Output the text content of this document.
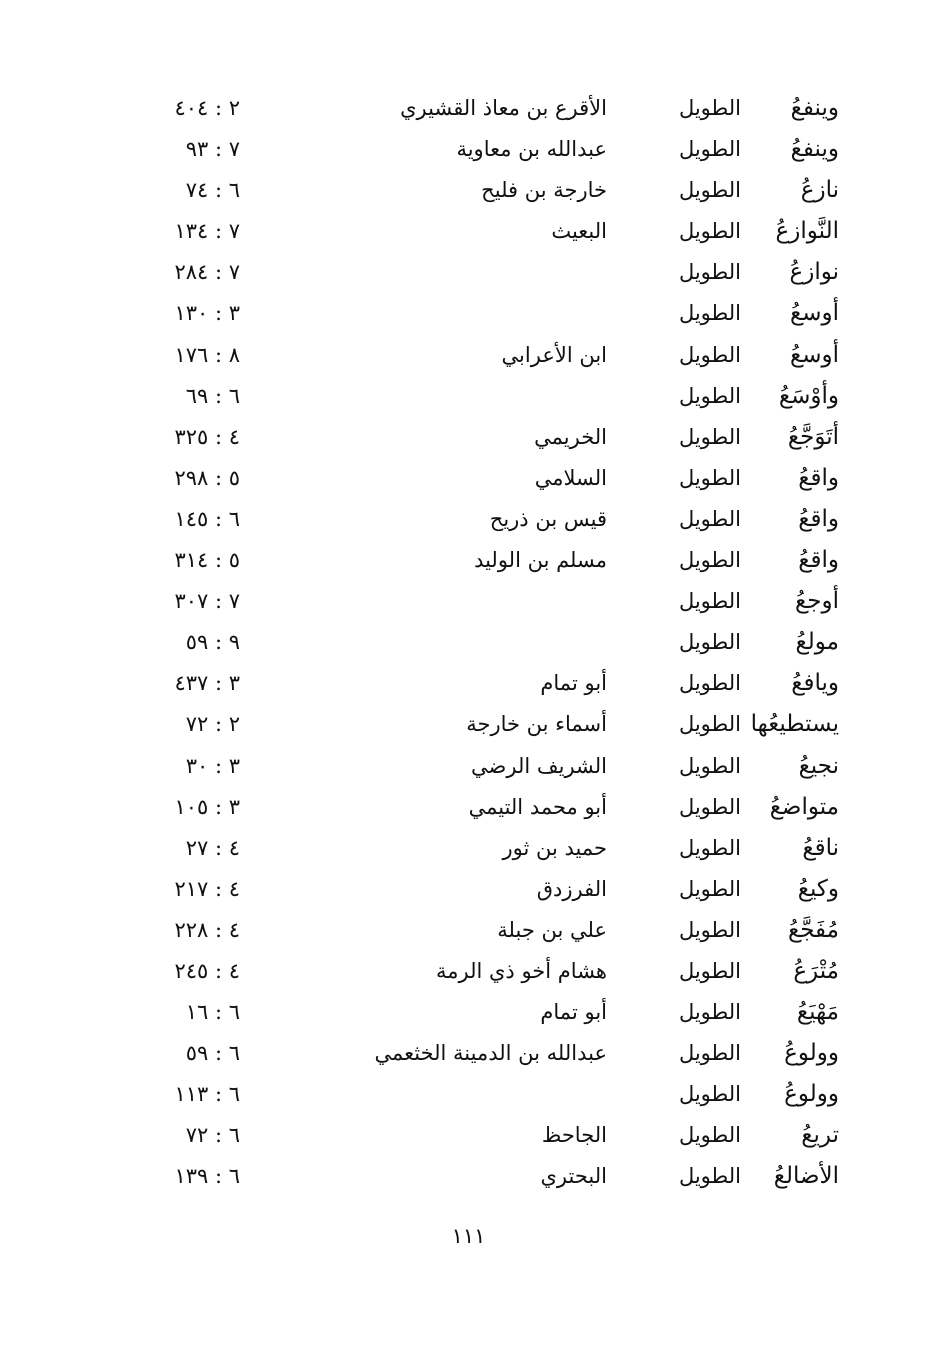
وينفعُ
الطويل
الأقرع بن معاذ القشيري
٢ : ٤٠٤
وينفعُ
الطويل
عبدالله بن معاوية
٧ : ٩٣
نازعُ
الطويل
خارجة بن فليح
٦ : ٧٤
النَّوازعُ
الطويل
البعيث
٧ : ١٣٤
نوازعُ
الطويل
٧ : ٢٨٤
أوسعُ
الطويل
٣ : ١٣٠
أوسعُ
الطويل
ابن الأعرابي
٨ : ١٧٦
وأوْسَعُ
الطويل
٦ : ٦٩
أتَوَجَّعُ
الطويل
الخريمي
٤ : ٣٢٥
واقعُ
الطويل
السلامي
٥ : ٢٩٨
واقعُ
الطويل
قيس بن ذريح
٦ : ١٤٥
واقعُ
الطويل
مسلم بن الوليد
٥ : ٣١٤
أوجعُ
الطويل
٧ : ٣٠٧
مولعُ
الطويل
٩ : ٥٩
ويافعُ
الطويل
أبو تمام
٣ : ٤٣٧
يستطيعُها
الطويل
أسماء بن خارجة
٢ : ٧٢
نجيعُ
الطويل
الشريف الرضي
٣ : ٣٠
متواضعُ
الطويل
أبو محمد التيمي
٣ : ١٠٥
ناقعُ
الطويل
حميد بن ثور
٤ : ٢٧
وكيعُ
الطويل
الفرزدق
٤ : ٢١٧
مُفَجَّعُ
الطويل
علي بن جبلة
٤ : ٢٢٨
مُتْرَعُ
الطويل
هشام أخو ذي الرمة
٤ : ٢٤٥
مَهْيَعُ
الطويل
أبو تمام
٦ : ١٦
وولوعُ
الطويل
عبدالله بن الدمينة الخثعمي
٦ : ٥٩
وولوعُ
الطويل
٦ : ١١٣
تريعُ
الطويل
الجاحظ
٦ : ٧٢
الأضالعُ
الطويل
البحتري
٦ : ١٣٩
١١١
